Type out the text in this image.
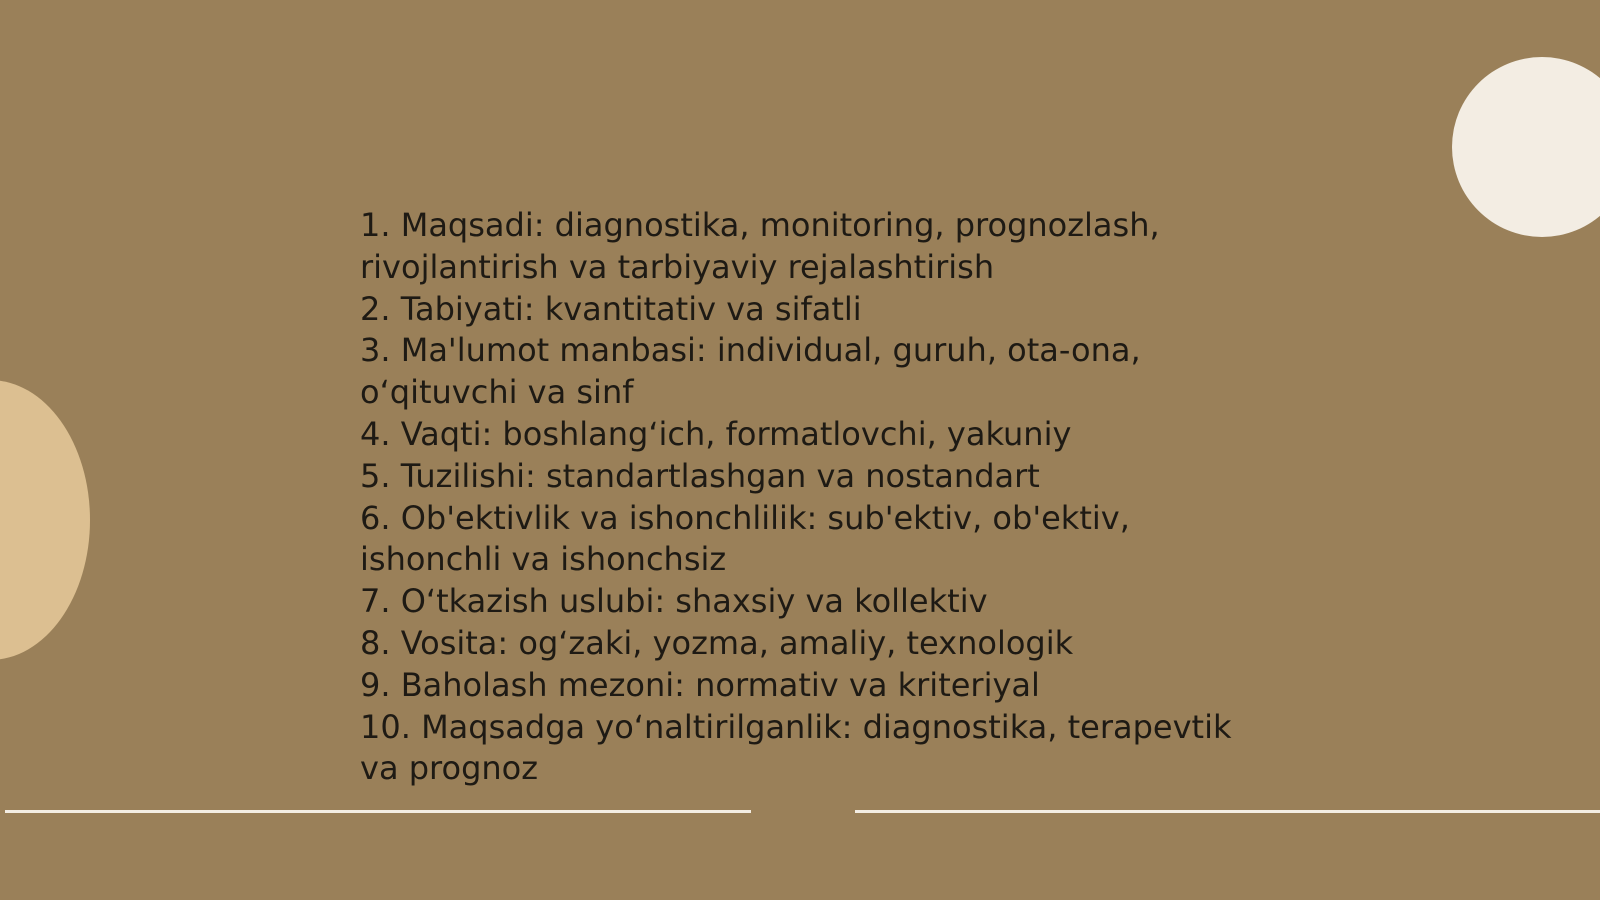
1. Maqsadi: diagnostika, monitoring, prognozlash, rivojlantirish va tarbiyaviy rejalashtirish
2. Tabiyati: kvantitativ va sifatli
3. Ma'lumot manbasi: individual, guruh, ota-ona, o‘qituvchi va sinf
4. Vaqti: boshlang‘ich, formatlovchi, yakuniy
5. Tuzilishi: standartlashgan va nostandart
6. Ob'ektivlik va ishonchlilik: sub'ektiv, ob'ektiv, ishonchli va ishonchsiz
7. O‘tkazish uslubi: shaxsiy va kollektiv
8. Vosita: og‘zaki, yozma, amaliy, texnologik
9. Baholash mezoni: normativ va kriteriyal
10. Maqsadga yo‘naltirilganlik: diagnostika, terapevtik va prognoz
